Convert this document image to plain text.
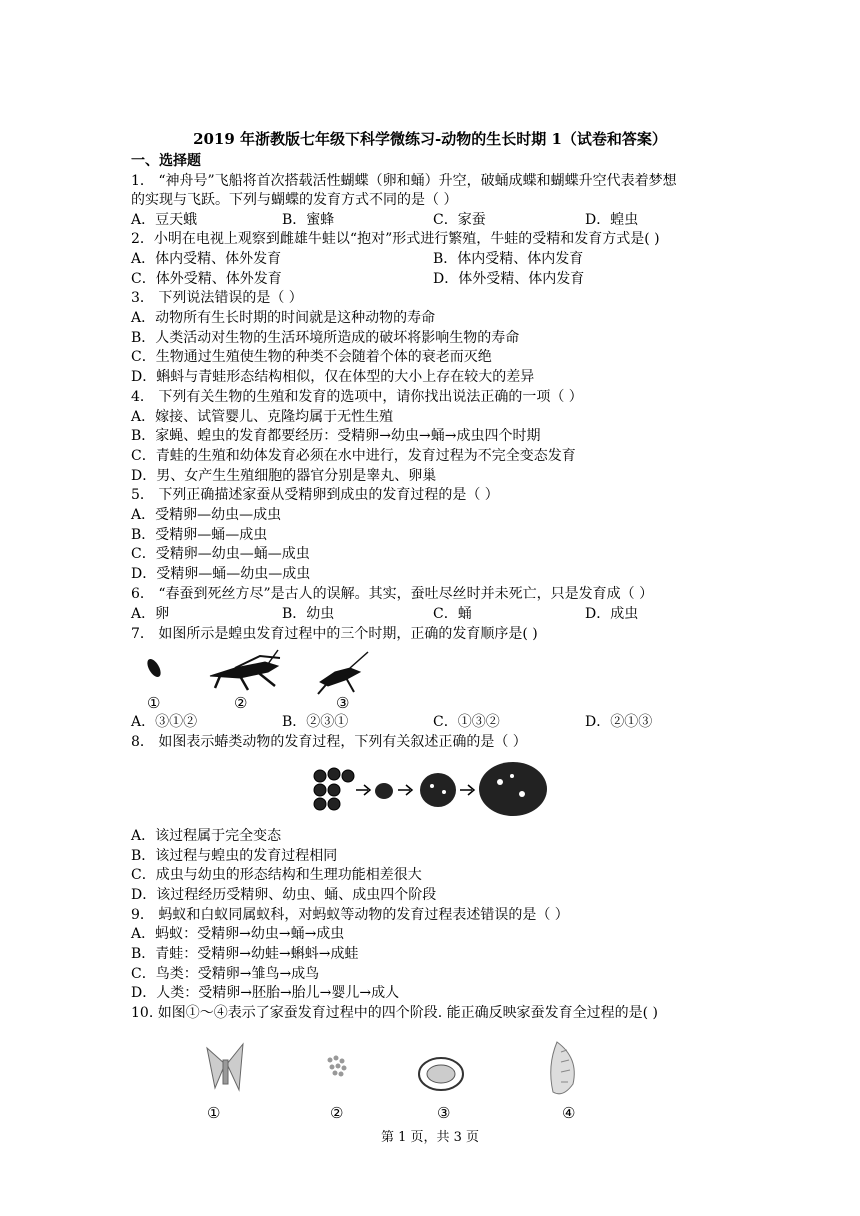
2019 年浙教版七年级下科学微练习-动物的生长时期 1（试卷和答案）
一、选择题
1． “神舟号”飞船将首次搭载活性蝴蝶（卵和蛹）升空，破蛹成蝶和蝴蝶升空代表着梦想
的实现与飞跃。下列与蝴蝶的发育方式不同的是（ ）
A．豆天蛾	B．蜜蜂	C．家蚕	D．蝗虫
2．小明在电视上观察到雌雄牛蛙以“抱对”形式进行繁殖，牛蛙的受精和发育方式是( )
A．体内受精、体外发育	B．体内受精、体内发育
C．体外受精、体外发育	D．体外受精、体内发育
3． 下列说法错误的是（ ）
A．动物所有生长时期的时间就是这种动物的寿命
B．人类活动对生物的生活环境所造成的破坏将影响生物的寿命
C．生物通过生殖使生物的种类不会随着个体的衰老而灭绝
D．蝌蚪与青蛙形态结构相似，仅在体型的大小上存在较大的差异
4． 下列有关生物的生殖和发育的选项中，请你找出说法正确的一项（ ）
A．嫁接、试管婴儿、克隆均属于无性生殖
B．家蝇、蝗虫的发育都要经历：受精卵→幼虫→蛹→成虫四个时期
C．青蛙的生殖和幼体发育必须在水中进行，发育过程为不完全变态发育
D．男、女产生生殖细胞的器官分别是睾丸、卵巢
5． 下列正确描述家蚕从受精卵到成虫的发育过程的是（ ）
A．受精卵—幼虫—成虫
B．受精卵—蛹—成虫
C．受精卵—幼虫—蛹—成虫
D．受精卵—蛹—幼虫—成虫
6． “春蚕到死丝方尽”是古人的误解。其实，蚕吐尽丝时并未死亡，只是发育成（ ）
A．卵	B．幼虫	C．蛹	D．成虫
7． 如图所示是蝗虫发育过程中的三个时期，正确的发育顺序是( )
①	②	③
A．③①②	B．②③①	C．①③②	D．②①③
8． 如图表示蝽类动物的发育过程，下列有关叙述正确的是（ ）
A．该过程属于完全变态
B．该过程与蝗虫的发育过程相同
C．成虫与幼虫的形态结构和生理功能相差很大
D．该过程经历受精卵、幼虫、蛹、成虫四个阶段
9． 蚂蚁和白蚁同属蚁科，对蚂蚁等动物的发育过程表述错误的是（ ）
A．蚂蚁：受精卵→幼虫→蛹→成虫
B．青蛙：受精卵→幼蛙→蝌蚪→成蛙
C．鸟类：受精卵→雏鸟→成鸟
D．人类：受精卵→胚胎→胎儿→婴儿→成人
10. 如图①～④表示了家蚕发育过程中的四个阶段. 能正确反映家蚕发育全过程的是( )
①	②	③	④
第 1 页，共 3 页
